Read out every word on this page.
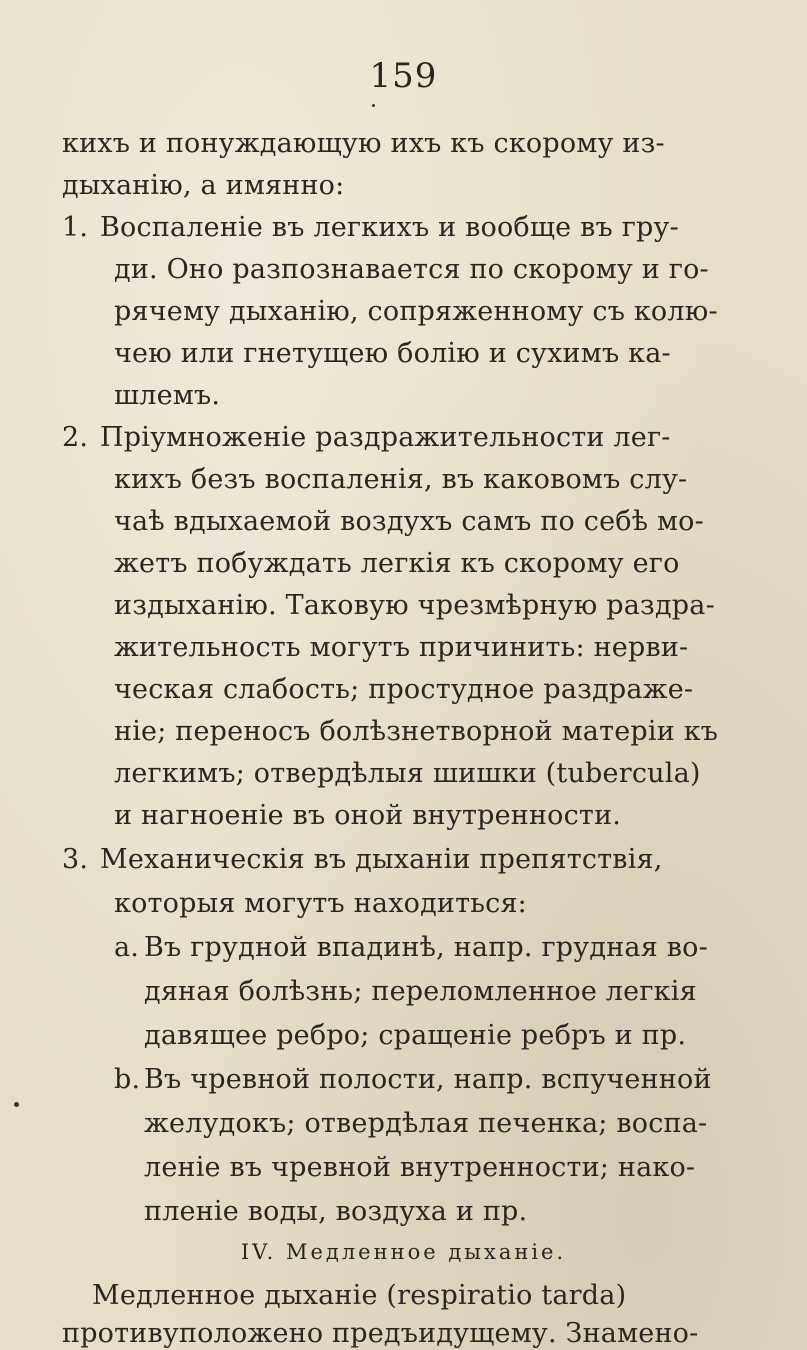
159
кихъ и понуждающую ихъ къ скорому из-
дыханію, а имянно:
1. Воспаленіе въ легкихъ и вообще въ гру-
ди. Оно разпознавается по скорому и го-
рячему дыханію, сопряженному съ колю-
чею или гнетущею болію и сухимъ ка-
шлемъ.
2. Пріумноженіе раздражительности лег-
кихъ безъ воспаленія, въ каковомъ слу-
чаѣ вдыхаемой воздухъ самъ по себѣ мо-
жетъ побуждать легкія къ скорому его
издыханію. Таковую чрезмѣрную раздра-
жительность могутъ причинить: нерви-
ческая слабость; простудное раздраже-
ніе; переносъ болѣзнетворной матеріи къ
легкимъ; отвердѣлыя шишки (tubercula)
и нагноеніе въ оной внутренности.
3. Механическія въ дыханіи препятствія,
которыя могутъ находиться:
a. Въ грудной впадинѣ, напр. грудная во-
дяная болѣзнь; переломленное легкія
давящее ребро; сращеніе ребръ и пр.
b. Въ чревной полости, напр. вспученной
желудокъ; отвердѣлая печенка; воспа-
леніе въ чревной внутренности; нако-
пленіе воды, воздуха и пр.
IV. Медленное дыханіе.
Медленное дыханіе (respiratio tarda)
противуположено предъидущему. Знамено-
